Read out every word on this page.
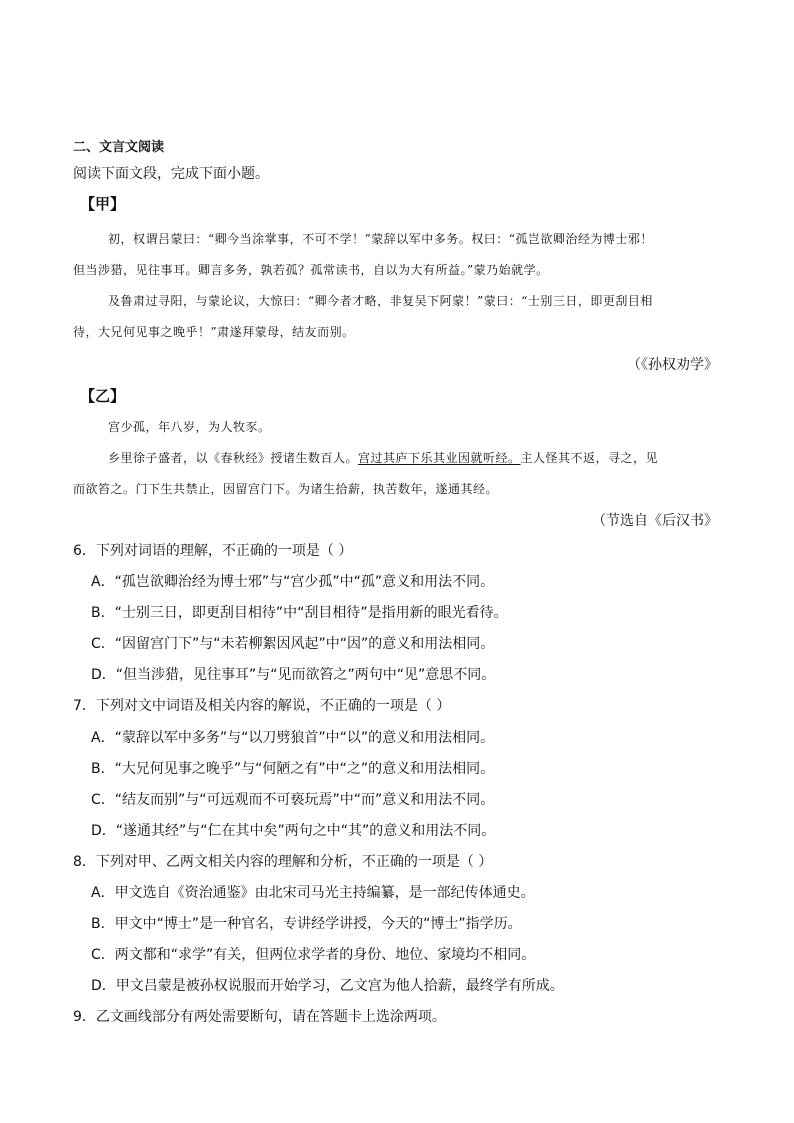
二、文言文阅读
阅读下面文段，完成下面小题。
【甲】
初，权谓吕蒙曰：“卿今当涂掌事，不可不学！”蒙辞以军中多务。权曰：“孤岂欲卿治经为博士邪！
但当涉猎，见往事耳。卿言多务，孰若孤？孤常读书，自以为大有所益。”蒙乃始就学。
及鲁肃过寻阳，与蒙论议，大惊曰：“卿今者才略，非复吴下阿蒙！”蒙曰：“士别三日，即更刮目相
待，大兄何见事之晚乎！”肃遂拜蒙母，结友而别。
（《孙权劝学》
【乙】
宫少孤，年八岁，为人牧豕。
乡里徐子盛者，以《春秋经》授诸生数百人。宫过其庐下乐其业因就听经。主人怪其不返，寻之，见
而欲笞之。门下生共禁止，因留宫门下。为诸生拾薪，执苦数年，遂通其经。
（节选自《后汉书》
6．下列对词语的理解，不正确的一项是（ ）
A．“孤岂欲卿治经为博士邪”与“宫少孤”中“孤”意义和用法不同。
B．“士别三日，即更刮目相待”中“刮目相待”是指用新的眼光看待。
C．“因留宫门下”与“未若柳絮因风起”中“因”的意义和用法相同。
D．“但当涉猎，见往事耳”与“见而欲笞之”两句中“见”意思不同。
7．下列对文中词语及相关内容的解说，不正确的一项是（ ）
A．“蒙辞以军中多务”与“以刀劈狼首”中“以”的意义和用法相同。
B．“大兄何见事之晚乎”与“何陋之有”中“之”的意义和用法相同。
C．“结友而别”与“可远观而不可亵玩焉”中“而”意义和用法不同。
D．“遂通其经”与“仁在其中矣”两句之中“其”的意义和用法不同。
8．下列对甲、乙两文相关内容的理解和分析，不正确的一项是（ ）
A．甲文选自《资治通鉴》由北宋司马光主持编纂，是一部纪传体通史。
B．甲文中“博士”是一种官名，专讲经学讲授，今天的“博士”指学历。
C．两文都和“求学”有关，但两位求学者的身份、地位、家境均不相同。
D．甲文吕蒙是被孙权说服而开始学习，乙文宫为他人拾薪，最终学有所成。
9．乙文画线部分有两处需要断句，请在答题卡上选涂两项。
